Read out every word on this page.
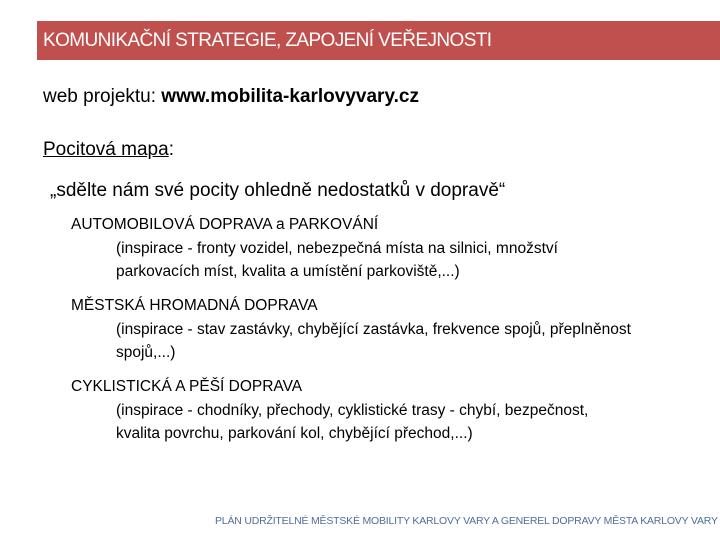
KOMUNIKAČNÍ STRATEGIE, ZAPOJENÍ VEŘEJNOSTI
web projektu: www.mobilita-karlovyvary.cz
Pocitová mapa:
„sdělte nám své pocity ohledně nedostatků v dopravě“
AUTOMOBILOVÁ DOPRAVA a PARKOVÁNÍ
(inspirace - fronty vozidel, nebezpečná místa na silnici, množství
parkovacích míst, kvalita a umístění parkoviště,...)
MĚSTSKÁ HROMADNÁ DOPRAVA
(inspirace - stav zastávky, chybějící zastávka, frekvence spojů, přeplněnost
spojů,...)
CYKLISTICKÁ A PĚŠÍ DOPRAVA
(inspirace - chodníky, přechody, cyklistické trasy - chybí, bezpečnost,
kvalita povrchu, parkování kol, chybějící přechod,...)
PLÁN UDRŽITELNÉ MĚSTSKÉ MOBILITY KARLOVY VARY A GENEREL DOPRAVY MĚSTA KARLOVY VARY
